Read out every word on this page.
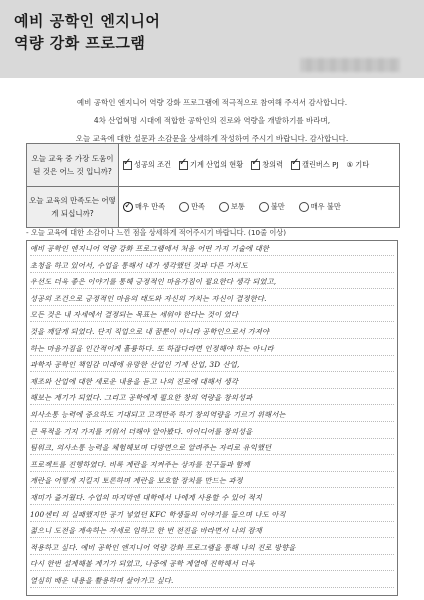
예비 공학인 엔지니어
역량 강화 프로그램
예비 공학인 엔지니어 역량 강화 프로그램에 적극적으로 참여해 주셔서 감사합니다.
4차 산업혁명 시대에 적합한 공학인의 진로와 역량을 개발하기를 바라며,
오늘 교육에 대한 설문과 소감문을 상세하게 작성하여 주시기 바랍니다. 감사합니다.
오늘 교육 중 가장 도움이 된 것은 어느 것 입니까?
✓
성공의 조건 ✓	기계 산업의 현황 ✓	창의력 ✓	캘린버스 PJ ⑤ 기타
오늘 교육의 만족도는 어떻게 되십니까?
✓
매우 만족	만족	보통	불만	매우 불만
- 오늘 교육에 대한 소감이나 느낀 점을 상세하게 적어주시기 바랍니다. (10줄 이상)
예비 공학인 엔지니어 역량 강화 프로그램에서 처음 어떤 가지 기술에 대한
초청을 하고 있어서, 수업을 통해서 내가 생각했던 것과 다른 가치도
우선도 더욱 좋은 이야기를 통해 긍정적인 마음가짐이 필요한다 생각 되었고,
성공의 조건으로 긍정적인 마음의 태도와 자신의 가치는 자신이 결정한다.
모든 것은 내 자세에서 결정되는 목표는 세워야 한다는 것이 였다
것을 깨달게 되었다. 단지 직업으로 내 꿈뿐이 아니라 공학인으로서 가져야
하는 마음가짐을 인간적이게 훌륭하다. 또 하잖다라면 인정해야 하는 아니라
과학자 공학인 책임감 미래에 유망한 산업인 기계 산업, 3D 산업,
제조와 산업에 대한 새로운 내용을 듣고 나의 진로에 대해서 생각
해보는 계기가 되었다. 그리고 공학에게 필요한 창의 역량을 창의성과
의사소통 능력에 중요하도 기대되고 고객만족 하기 창의역량을 기르기 위해서는
큰 목적을 기지 가지를 키워서 더해야 알아봤다. 아이디어를 창의성을
팀워크, 의사소통 능력을 체험해보며 다방면으로 알려주는 자리로 유익했던
프로젝트를 진행하였다. 비록 계란을 지켜주는 상자를 친구들과 함께
계란을 어떻게 지킬지 토론하며 계란을 보호할 장치를 만드는 과정
재미가 즐거웠다. 수업의 마지막엔 대학에서 나에게 사용할 수 있어 적지
100센티 의 실패했지만 공기 넣었던 KFC 학생들의 이야기를 들으며 나도 아직
젊으니 도전을 계속하는 자세로 임하고 한 번 전진을 바라면서 나의 잠재
적용하고 싶다. 예비 공학인 엔지니어 역량 강화 프로그램을 통해 나의 진로 방향을
다시 한번 설계해볼 계기가 되었고, 나중에 공학 계열에 진학해서 더욱
열심히 배운 내용을 활용하며 살아가고 싶다.
